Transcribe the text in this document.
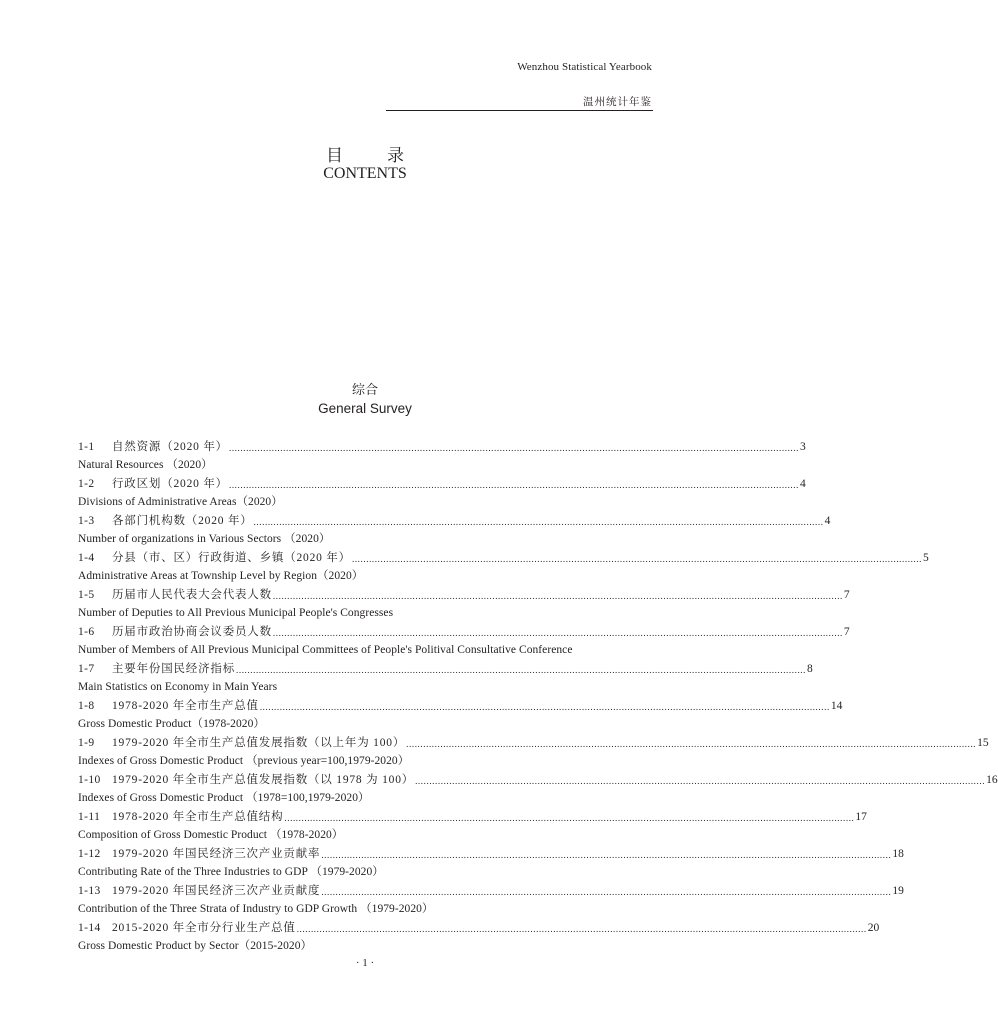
Wenzhou Statistical Yearbook
温州统计年鉴
目录
CONTENTS
综合
General Survey
1-1	自然资源（2020 年） ........................................................................................................................................................................................................ 3
Natural Resources （2020）
1-2	行政区划（2020 年） ........................................................................................................................................................................................................ 4
Divisions of Administrative Areas（2020）
1-3	各部门机构数（2020 年） ........................................................................................................................................................................................................ 4
Number of organizations in Various Sectors （2020）
1-4	分县（市、区）行政街道、乡镇（2020 年） ........................................................................................................................................................................................................ 5
Administrative Areas at Township Level by Region（2020）
1-5	历届市人民代表大会代表人数 ........................................................................................................................................................................................................ 7
Number of Deputies to All Previous Municipal People's Congresses
1-6	历届市政治协商会议委员人数 ........................................................................................................................................................................................................ 7
Number of Members of All Previous Municipal Committees of People's Politival Consultative Conference
1-7	主要年份国民经济指标 ........................................................................................................................................................................................................ 8
Main Statistics on Economy in Main Years
1-8	1978-2020 年全市生产总值 ........................................................................................................................................................................................................ 14
Gross Domestic Product（1978-2020）
1-9	1979-2020 年全市生产总值发展指数（以上年为 100） ........................................................................................................................................................................................................ 15
Indexes of Gross Domestic Product （previous year=100,1979-2020）
1-10 1979-2020 年全市生产总值发展指数（以 1978 为 100） ........................................................................................................................................................................................................ 16
Indexes of Gross Domestic Product （1978=100,1979-2020）
1-11	1978-2020 年全市生产总值结构 ........................................................................................................................................................................................................ 17
Composition of Gross Domestic Product （1978-2020）
1-12 1979-2020 年国民经济三次产业贡献率 ........................................................................................................................................................................................................ 18
Contributing Rate of the Three Industries to GDP （1979-2020）
1-13 1979-2020 年国民经济三次产业贡献度 ........................................................................................................................................................................................................ 19
Contribution of the Three Strata of Industry to GDP Growth （1979-2020）
1-14 2015-2020 年全市分行业生产总值 ........................................................................................................................................................................................................ 20
Gross Domestic Product by Sector（2015-2020）
· 1 ·
